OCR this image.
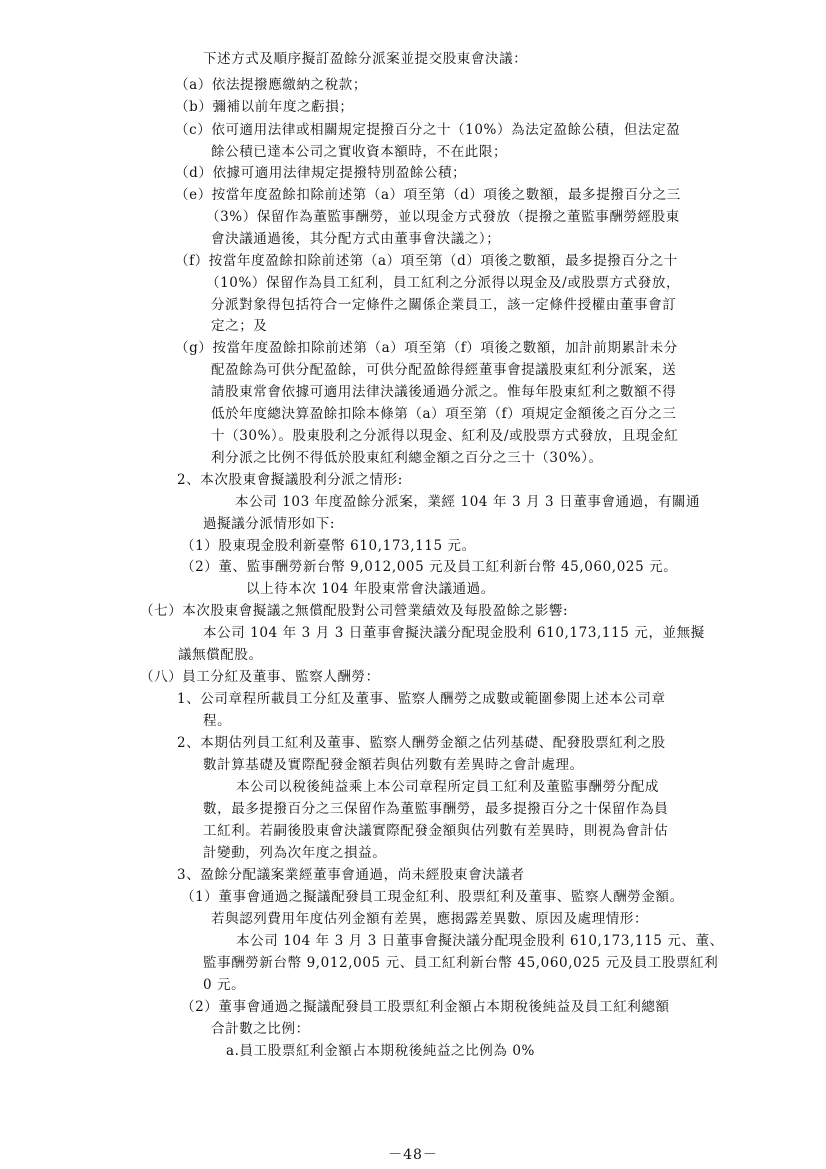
下述方式及順序擬訂盈餘分派案並提交股東會決議：
（a）依法提撥應繳納之稅款；
（b）彌補以前年度之虧損；
（c）依可適用法律或相關規定提撥百分之十（10%）為法定盈餘公積，但法定盈
餘公積已達本公司之實收資本額時，不在此限；
（d）依據可適用法律規定提撥特別盈餘公積；
（e）按當年度盈餘扣除前述第（a）項至第（d）項後之數額，最多提撥百分之三
（3%）保留作為董監事酬勞，並以現金方式發放（提撥之董監事酬勞經股東
會決議通過後，其分配方式由董事會決議之）；
（f）按當年度盈餘扣除前述第（a）項至第（d）項後之數額，最多提撥百分之十
（10%）保留作為員工紅利，員工紅利之分派得以現金及/或股票方式發放，
分派對象得包括符合一定條件之關係企業員工，該一定條件授權由董事會訂
定之；及
（g）按當年度盈餘扣除前述第（a）項至第（f）項後之數額，加計前期累計未分
配盈餘為可供分配盈餘，可供分配盈餘得經董事會提議股東紅利分派案，送
請股東常會依據可適用法律決議後通過分派之。惟每年股東紅利之數額不得
低於年度總決算盈餘扣除本條第（a）項至第（f）項規定金額後之百分之三
十（30%）。股東股利之分派得以現金、紅利及/或股票方式發放，且現金紅
利分派之比例不得低於股東紅利總金額之百分之三十（30%）。
2、本次股東會擬議股利分派之情形:
本公司 103 年度盈餘分派案，業經 104 年 3 月 3 日董事會通過，有關通
過擬議分派情形如下:
（1）股東現金股利新臺幣 610,173,115 元。
（2）董、監事酬勞新台幣 9,012,005 元及員工紅利新台幣 45,060,025 元。
以上待本次 104 年股東常會決議通過。
（七）本次股東會擬議之無償配股對公司營業績效及每股盈餘之影響:
本公司 104 年 3 月 3 日董事會擬決議分配現金股利 610,173,115 元，並無擬
議無償配股。
（八）員工分紅及董事、監察人酬勞：
1、公司章程所載員工分紅及董事、監察人酬勞之成數或範圍參閱上述本公司章
程。
2、本期估列員工紅利及董事、監察人酬勞金額之估列基礎、配發股票紅利之股
數計算基礎及實際配發金額若與估列數有差異時之會計處理。
本公司以稅後純益乘上本公司章程所定員工紅利及董監事酬勞分配成
數，最多提撥百分之三保留作為董監事酬勞，最多提撥百分之十保留作為員
工紅利。若嗣後股東會決議實際配發金額與估列數有差異時，則視為會計估
計變動，列為次年度之損益。
3、盈餘分配議案業經董事會通過，尚未經股東會決議者
（1）董事會通過之擬議配發員工現金紅利、股票紅利及董事、監察人酬勞金額。
若與認列費用年度估列金額有差異，應揭露差異數、原因及處理情形：
本公司 104 年 3 月 3 日董事會擬決議分配現金股利 610,173,115 元、董、
監事酬勞新台幣 9,012,005 元、員工紅利新台幣 45,060,025 元及員工股票紅利
0 元。
（2）董事會通過之擬議配發員工股票紅利金額占本期稅後純益及員工紅利總額
合計數之比例：
a.員工股票紅利金額占本期稅後純益之比例為 0%
－48－
